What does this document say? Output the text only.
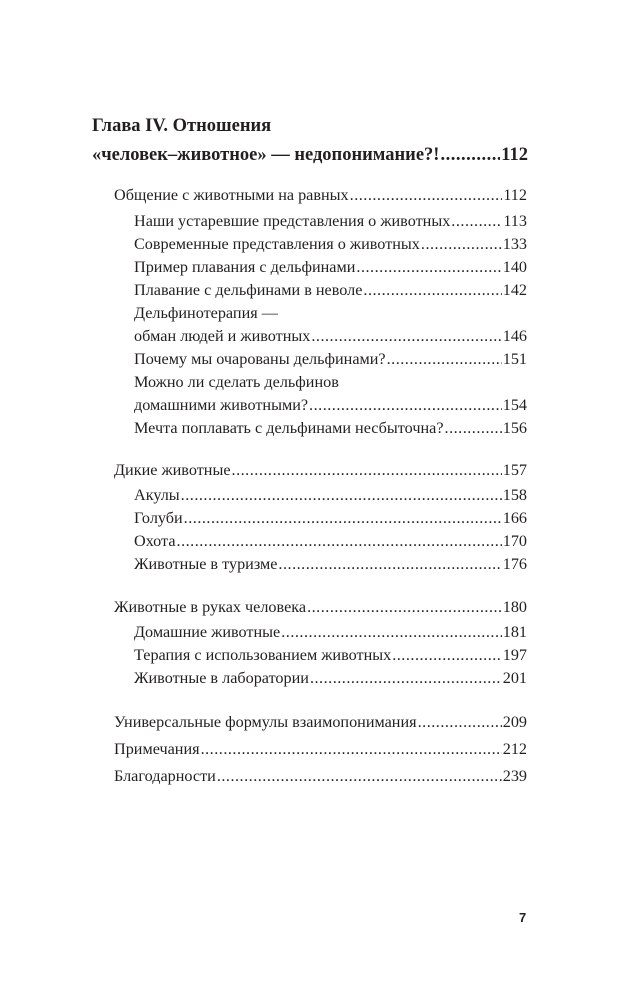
Глава IV. Отношения
«человек–животное» — недопонимание?! .....	112
Общение с животными на равных .....	112
Наши устаревшие представления о животных .....	113
Современные представления о животных .....	133
Пример плавания с дельфинами .....	140
Плавание с дельфинами в неволе .....	142
Дельфинотерапия —
обман людей и животных .....	146
Почему мы очарованы дельфинами? .....	151
Можно ли сделать дельфинов
домашними животными? .....	154
Мечта поплавать с дельфинами несбыточна? .....	156
Дикие животные .....	157
Акулы .....	158
Голуби .....	166
Охота .....	170
Животные в туризме .....	176
Животные в руках человека .....	180
Домашние животные .....	181
Терапия с использованием животных .....	197
Животные в лаборатории .....	201
Универсальные формулы взаимопонимания .....	209
Примечания .....	212
Благодарности .....	239
7
